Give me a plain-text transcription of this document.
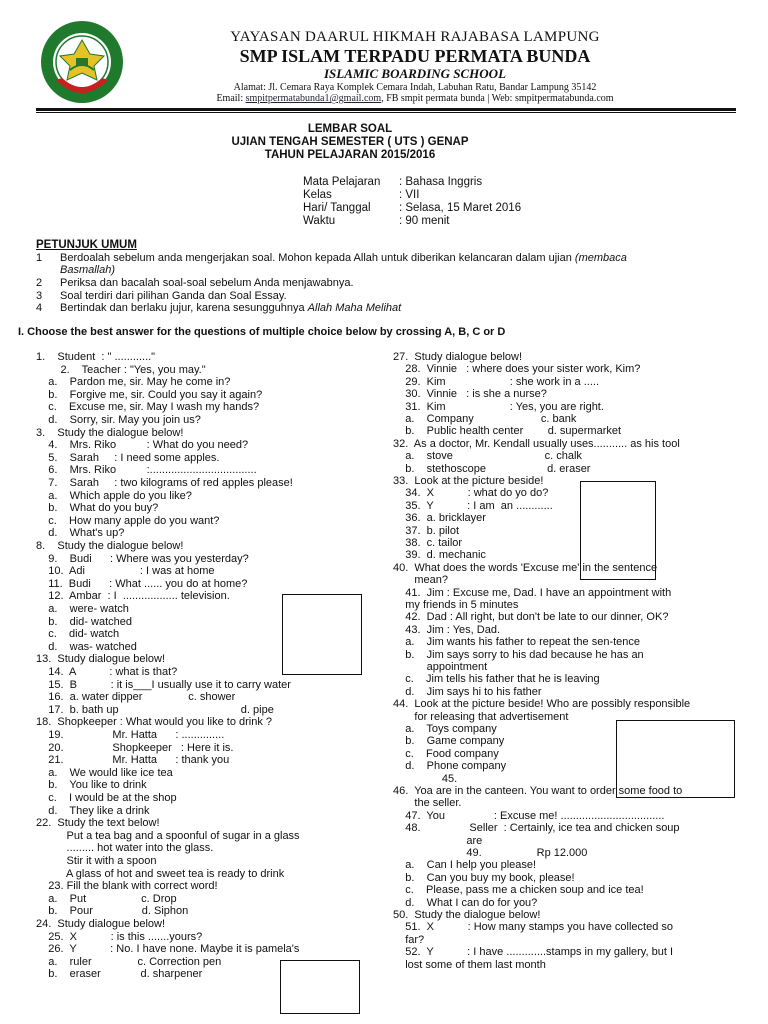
YAYASAN DAARUL HIKMAH RAJABASA LAMPUNG
SMP ISLAM TERPADU PERMATA BUNDA
ISLAMIC BOARDING SCHOOL
Alamat: Jl. Cemara Raya Komplek Cemara Indah, Labuhan Ratu, Bandar Lampung 35142
Email: smpitpermatabunda1@gmail.com, FB smpit permata bunda | Web: smpitpermatabunda.com
LEMBAR SOAL
UJIAN TENGAH SEMESTER ( UTS ) GENAP
TAHUN PELAJARAN 2015/2016
Mata Pelajaran : Bahasa Inggris
Kelas	: VII
Hari/ Tanggal : Selasa, 15 Maret 2016
Waktu	: 90 menit
PETUNJUK UMUM
1 Berdoalah sebelum anda mengerjakan soal. Mohon kepada Allah untuk diberikan kelancaran dalam ujian (membaca
Basmallah)
2 Periksa dan bacalah soal-soal sebelum Anda menjawabnya.
3 Soal terdiri dari pilihan Ganda dan Soal Essay.
4 Bertindak dan berlaku jujur, karena sesungguhnya Allah Maha Melihat
I. Choose the best answer for the questions of multiple choice below by crossing A, B, C or D
1.    Student  : " ............"
2.    Teacher : "Yes, you may."
a.    Pardon me, sir. May he come in?
b.    Forgive me, sir. Could you say it again?
c.    Excuse me, sir. May I wash my hands?
d.    Sorry, sir. May you join us?
3.    Study the dialogue below!
4.    Mrs. Riko          : What do you need?
5.    Sarah     : I need some apples.
6.    Mrs. Riko          :...................................
7.    Sarah     : two kilograms of red apples please!
a.    Which apple do you like?
b.    What do you buy?
c.    How many apple do you want?
d.    What's up?
8.    Study the dialogue below!
9.    Budi      : Where was you yesterday?
10.  Adi                  : I was at home
11.  Budi      : What ...... you do at home?
12.  Ambar  : I  .................. television.
a.    were- watch
b.    did- watched
c.    did- watch
d.    was- watched
13.  Study dialogue below!
14.  A           : what is that?
15.  B           : it is___I usually use it to carry water
16.  a. water dipper               c. shower
17.  b. bath up                                        d. pipe
18.  Shopkeeper : What would you like to drink ?
19.                Mr. Hatta      : ..............
20.                Shopkeeper   : Here it is.
21.                Mr. Hatta      : thank you
a.    We would like ice tea
b.    You like to drink
c.    I would be at the shop
d.    They like a drink
22.  Study the text below!
Put a tea bag and a spoonful of sugar in a glass
......... hot water into the glass.
Stir it with a spoon
A glass of hot and sweet tea is ready to drink
23. Fill the blank with correct word!
a.    Put                  c. Drop
b.    Pour                d. Siphon
24.  Study dialogue below!
25.  X           : is this .......yours?
26.  Y           : No. I have none. Maybe it is pamela's
a.    ruler               c. Correction pen
b.    eraser             d. sharpener
27.  Study dialogue below!
28.  Vinnie   : where does your sister work, Kim?
29.  Kim                     : she work in a .....
30.  Vinnie   : is she a nurse?
31.  Kim                     : Yes, you are right.
a.    Company                      c. bank
b.    Public health center        d. supermarket
32.  As a doctor, Mr. Kendall usually uses........... as his tool
a.    stove                              c. chalk
b.    stethoscope                    d. eraser
33.  Look at the picture beside!
34.  X           : what do yo do?
35.  Y           : I am  an ............
36.  a. bricklayer
37.  b. pilot
38.  c. tailor
39.  d. mechanic
40.  What does the words 'Excuse me' in the sentence
mean?
41.  Jim : Excuse me, Dad. I have an appointment with
my friends in 5 minutes
42.  Dad : All right, but don't be late to our dinner, OK?
43.  Jim : Yes, Dad.
a.    Jim wants his father to repeat the sen-tence
b.    Jim says sorry to his dad because he has an
appointment
c.    Jim tells his father that he is leaving
d.    Jim says hi to his father
44.  Look at the picture beside! Who are possibly responsible
for releasing that advertisement
a.    Toys company
b.    Game company
c.    Food company
d.    Phone company
45.
46.  Yoa are in the canteen. You want to order some food to
the seller.
47.  You                : Excuse me! ..................................
48.                Seller  : Certainly, ice tea and chicken soup
are
49.                  Rp 12.000
a.    Can I help you please!
b.    Can you buy my book, please!
c.    Please, pass me a chicken soup and ice tea!
d.    What I can do for you?
50.  Study the dialogue below!
51.  X           : How many stamps you have collected so
far?
52.  Y           : I have .............stamps in my gallery, but I
lost some of them last month
